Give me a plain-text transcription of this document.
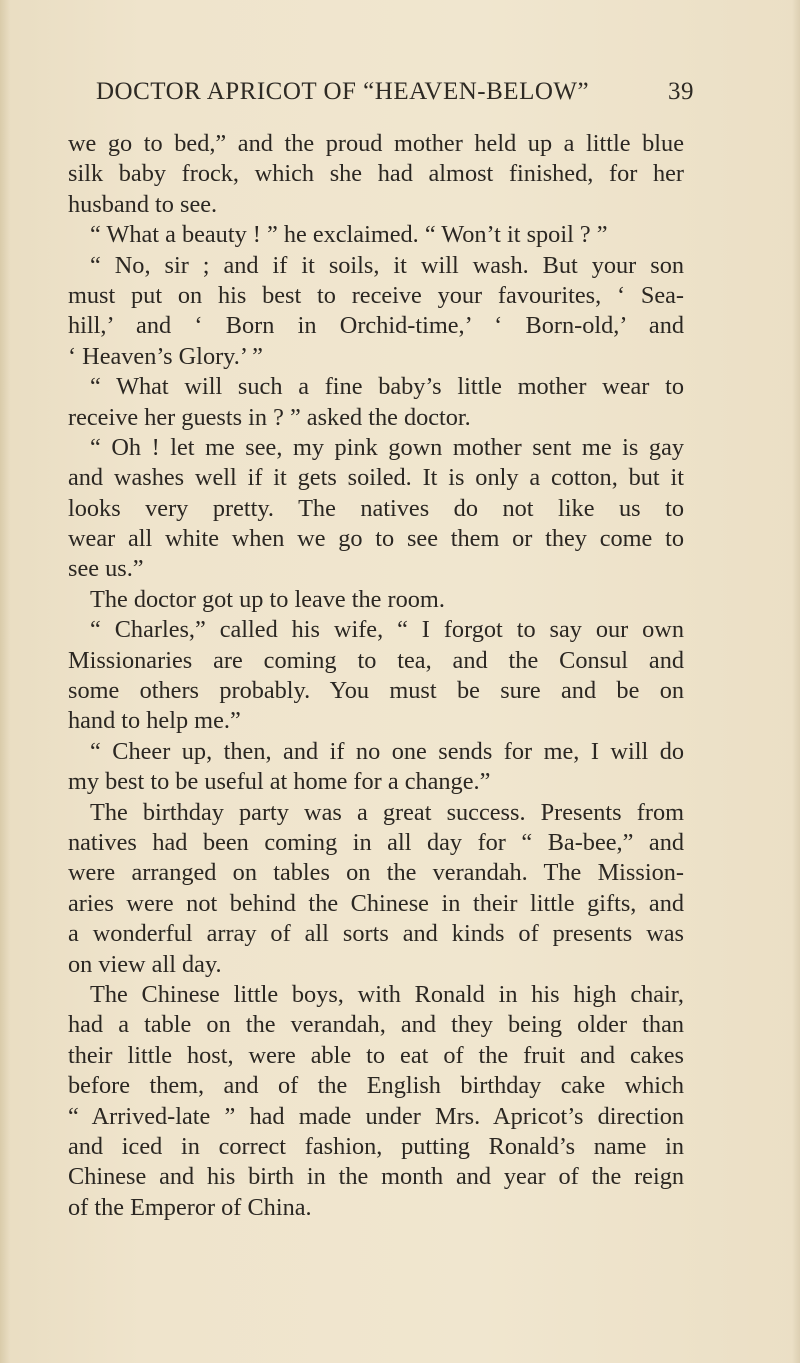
DOCTOR APRICOT OF “HEAVEN-BELOW”	39
we go to bed,” and the proud mother held up a little blue
silk baby frock, which she had almost finished, for her
husband to see.
“ What a beauty ! ” he exclaimed. “ Won’t it spoil ? ”
“ No, sir ; and if it soils, it will wash. But your son
must put on his best to receive your favourites, ‘ Sea-
hill,’ and ‘ Born in Orchid-time,’ ‘ Born-old,’ and
‘ Heaven’s Glory.’ ”
“ What will such a fine baby’s little mother wear to
receive her guests in ? ” asked the doctor.
“ Oh ! let me see, my pink gown mother sent me is gay
and washes well if it gets soiled. It is only a cotton, but it
looks very pretty. The natives do not like us to
wear all white when we go to see them or they come to
see us.”
The doctor got up to leave the room.
“ Charles,” called his wife, “ I forgot to say our own
Missionaries are coming to tea, and the Consul and
some others probably. You must be sure and be on
hand to help me.”
“ Cheer up, then, and if no one sends for me, I will do
my best to be useful at home for a change.”
The birthday party was a great success. Presents from
natives had been coming in all day for “ Ba-bee,” and
were arranged on tables on the verandah. The Mission-
aries were not behind the Chinese in their little gifts, and
a wonderful array of all sorts and kinds of presents was
on view all day.
The Chinese little boys, with Ronald in his high chair,
had a table on the verandah, and they being older than
their little host, were able to eat of the fruit and cakes
before them, and of the English birthday cake which
“ Arrived-late ” had made under Mrs. Apricot’s direction
and iced in correct fashion, putting Ronald’s name in
Chinese and his birth in the month and year of the reign
of the Emperor of China.
